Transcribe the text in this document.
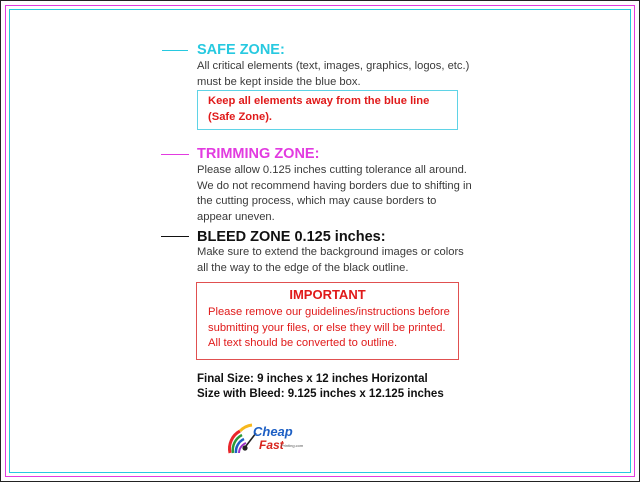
SAFE ZONE:
All critical elements (text, images, graphics, logos, etc.)
must be kept inside the blue box.
Keep all elements away from the blue line
(Safe Zone).
TRIMMING ZONE:
Please allow 0.125 inches cutting tolerance all around.
We do not recommend having borders due to shifting in
the cutting process, which may cause borders to
appear uneven.
BLEED ZONE 0.125 inches:
Make sure to extend the background images or colors
all the way to the edge of the black outline.
IMPORTANT
Please remove our guidelines/instructions before
submitting your files, or else they will be printed.
All text should be converted to outline.
Final Size: 9 inches x 12 inches Horizontal
Size with Bleed: 9.125 inches x 12.125 inches
Cheap
Fast
Printing.com
